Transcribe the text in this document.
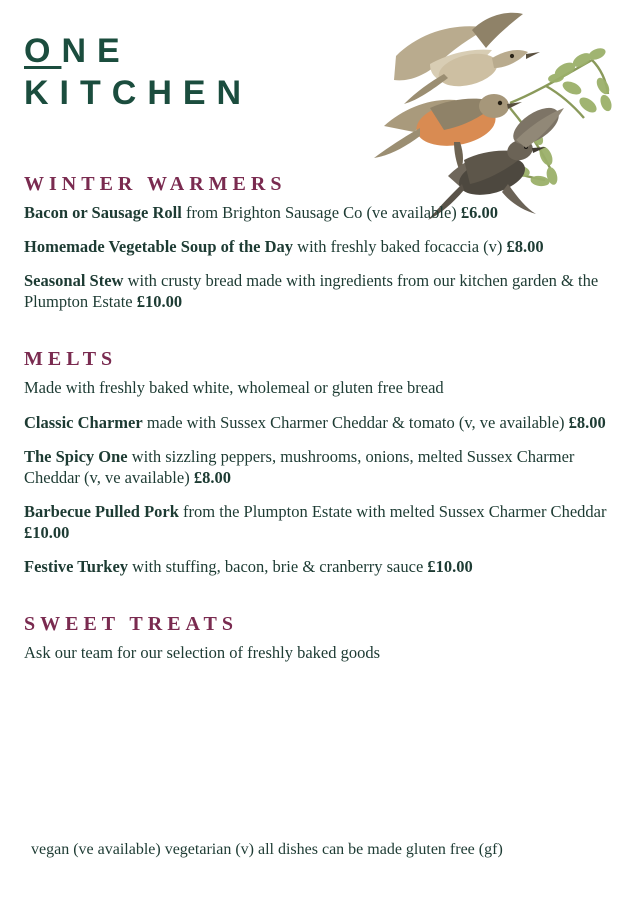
ONE
KITCHEN
WINTER WARMERS

Bacon or Sausage Roll from Brighton Sausage Co (ve available) £6.00

Homemade Vegetable Soup of the Day with freshly baked focaccia (v) £8.00

Seasonal Stew with crusty bread made with ingredients from our kitchen garden & the Plumpton Estate £10.00

MELTS

Made with freshly baked white, wholemeal or gluten free bread

Classic Charmer made with Sussex Charmer Cheddar & tomato (v, ve available) £8.00

The Spicy One with sizzling peppers, mushrooms, onions, melted Sussex Charmer Cheddar (v, ve available) £8.00

Barbecue Pulled Pork from the Plumpton Estate with melted Sussex Charmer Cheddar £10.00

Festive Turkey with stuffing, bacon, brie & cranberry sauce £10.00

SWEET TREATS

Ask our team for our selection of freshly baked goods

vegan (ve available) vegetarian (v) all dishes can be made gluten free (gf)
